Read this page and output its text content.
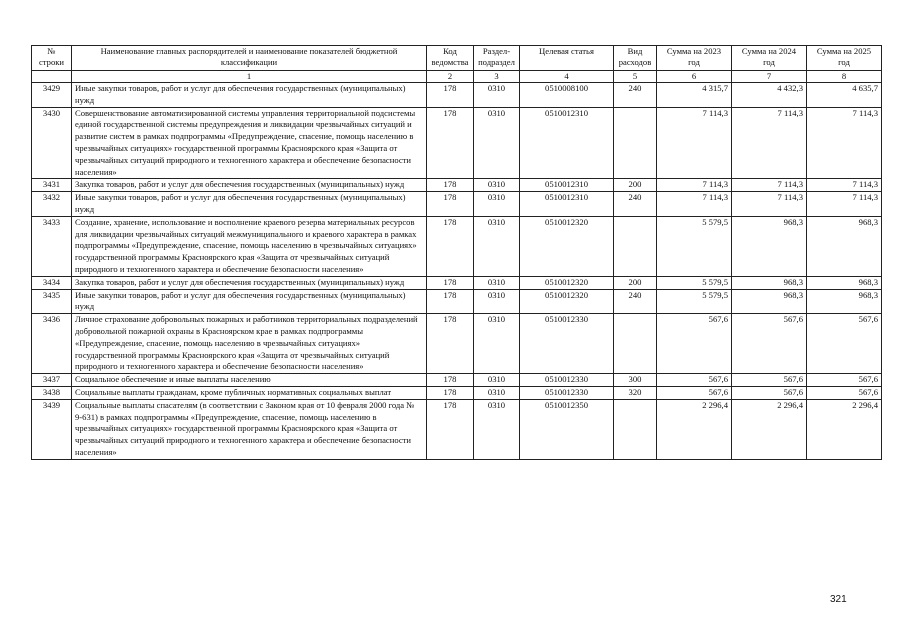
№ строки	Наименование главных распорядителей и наименование показателей бюджетной классификации	Код ведомства	Раздел-подраздел	Целевая статья	Вид расходов	Сумма на 2023 год	Сумма на 2024 год	Сумма на 2025 год
	1	2	3	4	5	6	7	8
3429	Иные закупки товаров, работ и услуг для обеспечения государственных (муниципальных) нужд	178	0310	0510008100	240	4 315,7	4 432,3	4 635,7
3430	Совершенствование автоматизированной системы управления территориальной подсистемы единой государственной системы предупреждения и ликвидации чрезвычайных ситуаций и развитие систем в рамках подпрограммы «Предупреждение, спасение, помощь населению в чрезвычайных ситуациях» государственной программы Красноярского края «Защита от чрезвычайных ситуаций природного и техногенного характера и обеспечение безопасности населения»	178	0310	0510012310		7 114,3	7 114,3	7 114,3
3431	Закупка товаров, работ и услуг для обеспечения государственных (муниципальных) нужд	178	0310	0510012310	200	7 114,3	7 114,3	7 114,3
3432	Иные закупки товаров, работ и услуг для обеспечения государственных (муниципальных) нужд	178	0310	0510012310	240	7 114,3	7 114,3	7 114,3
3433	Создание, хранение, использование и восполнение краевого резерва материальных ресурсов для ликвидации чрезвычайных ситуаций межмуниципального и краевого характера в рамках подпрограммы «Предупреждение, спасение, помощь населению в чрезвычайных ситуациях» государственной программы Красноярского края «Защита от чрезвычайных ситуаций природного и техногенного характера и обеспечение безопасности населения»	178	0310	0510012320		5 579,5	968,3	968,3
3434	Закупка товаров, работ и услуг для обеспечения государственных (муниципальных) нужд	178	0310	0510012320	200	5 579,5	968,3	968,3
3435	Иные закупки товаров, работ и услуг для обеспечения государственных (муниципальных) нужд	178	0310	0510012320	240	5 579,5	968,3	968,3
3436	Личное страхование добровольных пожарных и работников территориальных подразделений добровольной пожарной охраны в Красноярском крае в рамках подпрограммы «Предупреждение, спасение, помощь населению в чрезвычайных ситуациях» государственной программы Красноярского края «Защита от чрезвычайных ситуаций природного и техногенного характера и обеспечение безопасности населения»	178	0310	0510012330		567,6	567,6	567,6
3437	Социальное обеспечение и иные выплаты населению	178	0310	0510012330	300	567,6	567,6	567,6
3438	Социальные выплаты гражданам, кроме публичных нормативных социальных выплат	178	0310	0510012330	320	567,6	567,6	567,6
3439	Социальные выплаты спасателям (в соответствии с Законом края от 10 февраля 2000 года № 9-631) в рамках подпрограммы «Предупреждение, спасение, помощь населению в чрезвычайных ситуациях» государственной программы Красноярского края «Защита от чрезвычайных ситуаций природного и техногенного характера и обеспечение безопасности населения»	178	0310	0510012350		2 296,4	2 296,4	2 296,4
321
